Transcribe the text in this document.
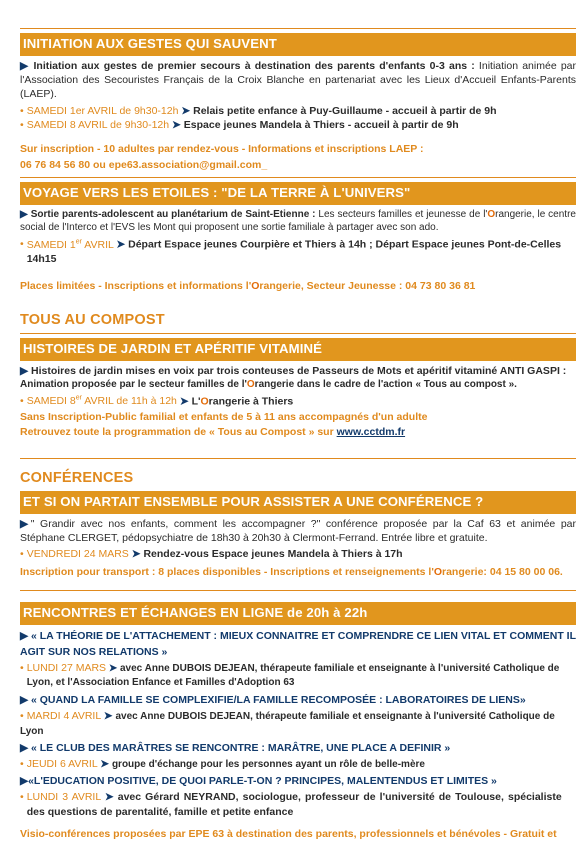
INITIATION AUX GESTES QUI SAUVENT
▶ Initiation aux gestes de premier secours à destination des parents d'enfants 0-3 ans : Initiation animée par l'Association des Secouristes Français de la Croix Blanche en partenariat avec les Lieux d'Accueil Enfants-Parents (LAEP).
• SAMEDI 1er AVRIL de 9h30-12h ➤ Relais petite enfance à Puy-Guillaume - accueil à partir de 9h
• SAMEDI 8 AVRIL de 9h30-12h ➤ Espace jeunes Mandela à Thiers - accueil à partir de 9h
Sur inscription - 10 adultes par rendez-vous - Informations et inscriptions LAEP :
06 76 84 56 80 ou epe63.association@gmail.com_
VOYAGE VERS LES ETOILES : "DE LA TERRE À L'UNIVERS"
▶ Sortie parents-adolescent au planétarium de Saint-Etienne : Les secteurs familles et jeunesse de l'Orangerie, le centre social de l'Interco et l'EVS les Mont qui proposent une sortie familiale à partager avec son ado.
•
SAMEDI 1er AVRIL ➤ Départ Espace jeunes Courpière et Thiers à 14h ; Départ Espace jeunes Pont-de-Celles 14h15
Places limitées - Inscriptions et informations l'Orangerie, Secteur Jeunesse : 04 73 80 36 81
TOUS AU COMPOST
HISTOIRES DE JARDIN ET APÉRITIF VITAMINÉ
▶ Histoires de jardin mises en voix par trois conteuses de Passeurs de Mots et apéritif vitaminé ANTI GASPI :
Animation proposée par le secteur familles de l'Orangerie dans le cadre de l'action « Tous au compost ».
• SAMEDI 8er AVRIL de 11h à 12h ➤ L'Orangerie à Thiers
Sans Inscription-Public familial et enfants de 5 à 11 ans accompagnés d'un adulte
Retrouvez toute la programmation de « Tous au Compost » sur www.cctdm.fr
CONFÉRENCES
ET SI ON PARTAIT ENSEMBLE POUR ASSISTER A UNE CONFÉRENCE ?
▶" Grandir avec nos enfants, comment les accompagner ?" conférence proposée par la Caf 63 et animée par Stéphane CLERGET, pédopsychiatre de 18h30 à 20h30 à Clermont-Ferrand. Entrée libre et gratuite.
• VENDREDI 24 MARS ➤ Rendez-vous Espace jeunes Mandela à Thiers à 17h
Inscription pour transport : 8 places disponibles - Inscriptions et renseignements l'Orangerie: 04 15 80 00 06.
RENCONTRES ET ÉCHANGES EN LIGNE de 20h à 22h
▶ « LA THÉORIE DE L'ATTACHEMENT : MIEUX CONNAITRE ET COMPRENDRE CE LIEN VITAL ET COMMENT IL AGIT SUR NOS RELATIONS »
•
LUNDI 27 MARS ➤ avec Anne DUBOIS DEJEAN, thérapeute familiale et enseignante à l'université Catholique de Lyon, et l'Association Enfance et Familles d'Adoption 63
▶ « QUAND LA FAMILLE SE COMPLEXIFIE/LA FAMILLE RECOMPOSÉE : LABORATOIRES DE LIENS»
• MARDI 4 AVRIL ➤ avec Anne DUBOIS DEJEAN, thérapeute familiale et enseignante à l'université Catholique de Lyon
▶ « LE CLUB DES MARÂTRES SE RENCONTRE : MARÂTRE, UNE PLACE A DEFINIR »
• JEUDI 6 AVRIL ➤ groupe d'échange pour les personnes ayant un rôle de belle-mère
▶«L'EDUCATION POSITIVE, DE QUOI PARLE-T-ON ? PRINCIPES, MALENTENDUS ET LIMITES »
•
LUNDI 3 AVRIL ➤ avec Gérard NEYRAND, sociologue, professeur de l'université de Toulouse, spécialiste des questions de parentalité, famille et petite enfance
Visio-conférences proposées par EPE 63 à destination des parents, professionnels et bénévoles - Gratuit et
